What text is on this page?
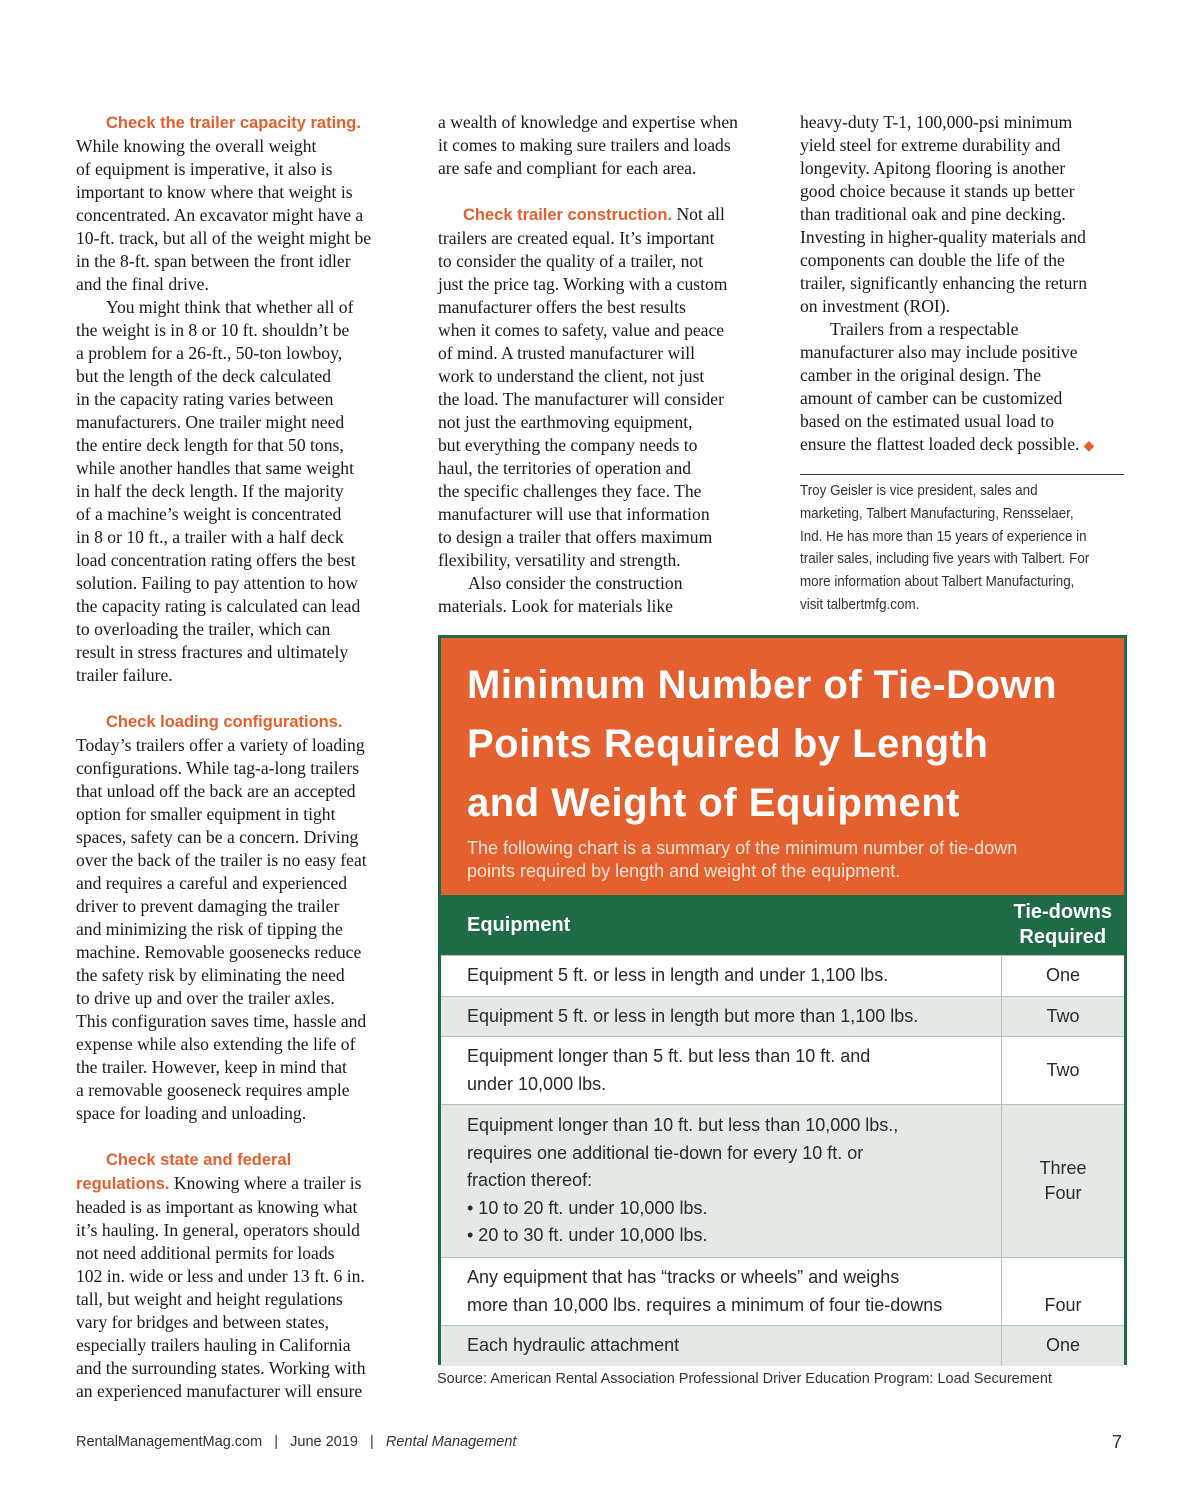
Check the trailer capacity rating.

While knowing the overall weight
of equipment is imperative, it also is
important to know where that weight is
concentrated. An excavator might have a
10-ft. track, but all of the weight might be
in the 8-ft. span between the front idler
and the final drive.

You might think that whether all of
the weight is in 8 or 10 ft. shouldn’t be
a problem for a 26-ft., 50-ton lowboy,
but the length of the deck calculated
in the capacity rating varies between
manufacturers. One trailer might need
the entire deck length for that 50 tons,
while another handles that same weight
in half the deck length. If the majority
of a machine’s weight is concentrated
in 8 or 10 ft., a trailer with a half deck
load concentration rating offers the best
solution. Failing to pay attention to how
the capacity rating is calculated can lead
to overloading the trailer, which can
result in stress fractures and ultimately
trailer failure.

Check loading configurations.

Today’s trailers offer a variety of loading
configurations. While tag-a-long trailers
that unload off the back are an accepted
option for smaller equipment in tight
spaces, safety can be a concern. Driving
over the back of the trailer is no easy feat
and requires a careful and experienced
driver to prevent damaging the trailer
and minimizing the risk of tipping the
machine. Removable goosenecks reduce
the safety risk by eliminating the need
to drive up and over the trailer axles.
This configuration saves time, hassle and
expense while also extending the life of
the trailer. However, keep in mind that
a removable gooseneck requires ample
space for loading and unloading.

Check state and federal

regulations. Knowing where a trailer is
headed is as important as knowing what
it’s hauling. In general, operators should
not need additional permits for loads
102 in. wide or less and under 13 ft. 6 in.
tall, but weight and height regulations
vary for bridges and between states,
especially trailers hauling in California
and the surrounding states. Working with
an experienced manufacturer will ensure

a wealth of knowledge and expertise when
it comes to making sure trailers and loads
are safe and compliant for each area.

Check trailer construction. Not all
trailers are created equal. It’s important
to consider the quality of a trailer, not
just the price tag. Working with a custom
manufacturer offers the best results
when it comes to safety, value and peace
of mind. A trusted manufacturer will
work to understand the client, not just
the load. The manufacturer will consider
not just the earthmoving equipment,
but everything the company needs to
haul, the territories of operation and
the specific challenges they face. The
manufacturer will use that information
to design a trailer that offers maximum
flexibility, versatility and strength.

Also consider the construction
materials. Look for materials like

heavy-duty T-1, 100,000-psi minimum
yield steel for extreme durability and
longevity. Apitong flooring is another
good choice because it stands up better
than traditional oak and pine decking.
Investing in higher-quality materials and
components can double the life of the
trailer, significantly enhancing the return
on investment (ROI).

Trailers from a respectable
manufacturer also may include positive
camber in the original design. The
amount of camber can be customized
based on the estimated usual load to
ensure the flattest loaded deck possible. ◆

Troy Geisler is vice president, sales and
marketing, Talbert Manufacturing, Rensselaer,
Ind. He has more than 15 years of experience in
trailer sales, including five years with Talbert. For
more information about Talbert Manufacturing,
visit talbertmfg.com.
Minimum Number of Tie-Down
Points Required by Length
and Weight of Equipment
The following chart is a summary of the minimum number of tie-down
points required by length and weight of the equipment.
Equipment	Tie-downs
Required
Equipment 5 ft. or less in length and under 1,100 lbs.	One
Equipment 5 ft. or less in length but more than 1,100 lbs.	Two
Equipment longer than 5 ft. but less than 10 ft. and
under 10,000 lbs.	Two
Equipment longer than 10 ft. but less than 10,000 lbs.,
requires one additional tie-down for every 10 ft. or
fraction thereof:
• 10 to 20 ft. under 10,000 lbs.
• 20 to 30 ft. under 10,000 lbs.	Three
Four
Any equipment that has “tracks or wheels” and weighs
more than 10,000 lbs. requires a minimum of four tie-downs	Four
Each hydraulic attachment	One
Source: American Rental Association Professional Driver Education Program: Load Securement
RentalManagementMag.com | June 2019 | Rental Management	7
